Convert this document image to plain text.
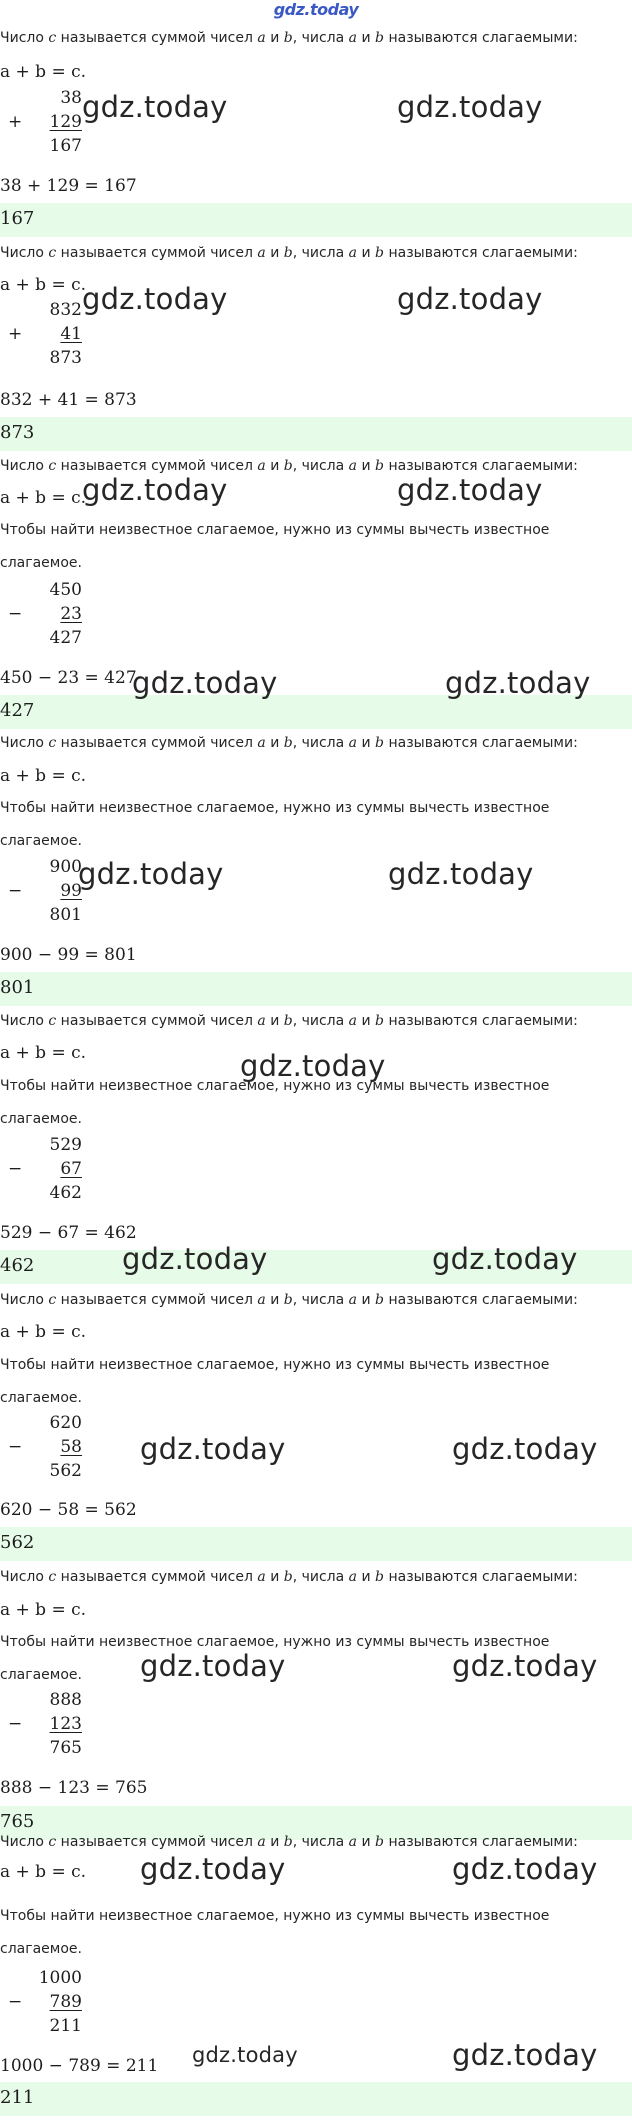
gdz.today
Число c называется суммой чисел a и b, числа a и b называются слагаемыми:
a + b = c.
38
+	129
167
38 + 129 = 167
167
gdz.today	gdz.today
Число c называется суммой чисел a и b, числа a и b называются слагаемыми:
a + b = c.
832
+	41
873
832 + 41 = 873
873
gdz.today	gdz.today
Число c называется суммой чисел a и b, числа a и b называются слагаемыми:
a + b = c.
Чтобы найти неизвестное слагаемое, нужно из суммы вычесть известное
слагаемое.
450
−	23
427
450 − 23 = 427
427
gdz.today	gdz.today
gdz.today	gdz.today
Число c называется суммой чисел a и b, числа a и b называются слагаемыми:
a + b = c.
Чтобы найти неизвестное слагаемое, нужно из суммы вычесть известное
слагаемое.
900
−	99
801
900 − 99 = 801
801
gdz.today	gdz.today
Число c называется суммой чисел a и b, числа a и b называются слагаемыми:
a + b = c.
Чтобы найти неизвестное слагаемое, нужно из суммы вычесть известное
слагаемое.
529
−	67
462
529 − 67 = 462
462
gdz.today
gdz.today	gdz.today
Число c называется суммой чисел a и b, числа a и b называются слагаемыми:
a + b = c.
Чтобы найти неизвестное слагаемое, нужно из суммы вычесть известное
слагаемое.
620
−	58
562
620 − 58 = 562
562
gdz.today	gdz.today
Число c называется суммой чисел a и b, числа a и b называются слагаемыми:
a + b = c.
Чтобы найти неизвестное слагаемое, нужно из суммы вычесть известное
слагаемое.
888
−	123
765
888 − 123 = 765
765
gdz.today	gdz.today
Число c называется суммой чисел a и b, числа a и b называются слагаемыми:
a + b = c.
Чтобы найти неизвестное слагаемое, нужно из суммы вычесть известное
слагаемое.
1000
−	789
211
1000 − 789 = 211
211
gdz.today	gdz.today
gdz.today	gdz.today
